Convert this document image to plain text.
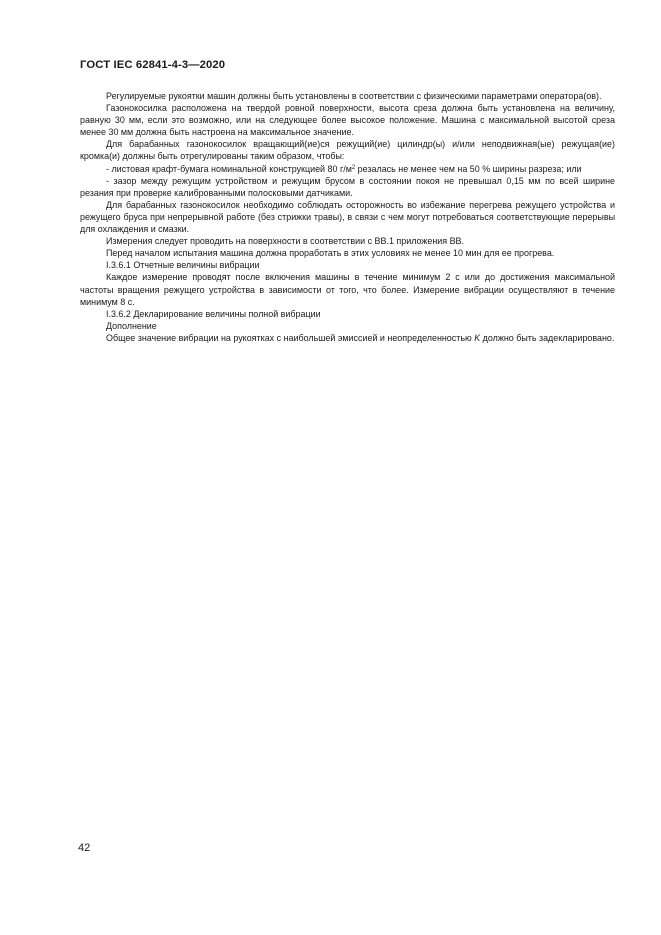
ГОСТ IEC 62841-4-3—2020

Регулируемые рукоятки машин должны быть установлены в соответствии с физическими параметрами оператора(ов).

Газонокосилка расположена на твердой ровной поверхности, высота среза должна быть установлена на величину, равную 30 мм, если это возможно, или на следующее более высокое положение. Машина с максимальной высотой среза менее 30 мм должна быть настроена на максимальное значение.

Для барабанных газонокосилок вращающий(ие)ся режущий(ие) цилиндр(ы) и/или неподвижная(ые) режущая(ие) кромка(и) должны быть отрегулированы таким образом, чтобы:

- листовая крафт-бумага номинальной конструкцией 80 $г/м^2$ резалась не менее чем на 50 % ширины разреза; или

- зазор между режущим устройством и режущим брусом в состоянии покоя не превышал 0,15 мм по всей ширине резания при проверке калиброванными полосковыми датчиками.

Для барабанных газонокосилок необходимо соблюдать осторожность во избежание перегрева режущего устройства и режущего бруса при непрерывной работе (без стрижки травы), в связи с чем могут потребоваться соответствующие перерывы для охлаждения и смазки.

Измерения следует проводить на поверхности в соответствии с ВВ.1 приложения ВВ.

Перед началом испытания машина должна проработать в этих условиях не менее 10 мин для ее прогрева.

I.3.6.1 Отчетные величины вибрации

Каждое измерение проводят после включения машины в течение минимум 2 с или до достижения максимальной частоты вращения режущего устройства в зависимости от того, что более. Измерение вибрации осуществляют в течение минимум 8 с.

I.3.6.2 Декларирование величины полной вибрации

Дополнение

Общее значение вибрации на рукоятках с наибольшей эмиссией и неопределенностью K должно быть задекларировано.

42
